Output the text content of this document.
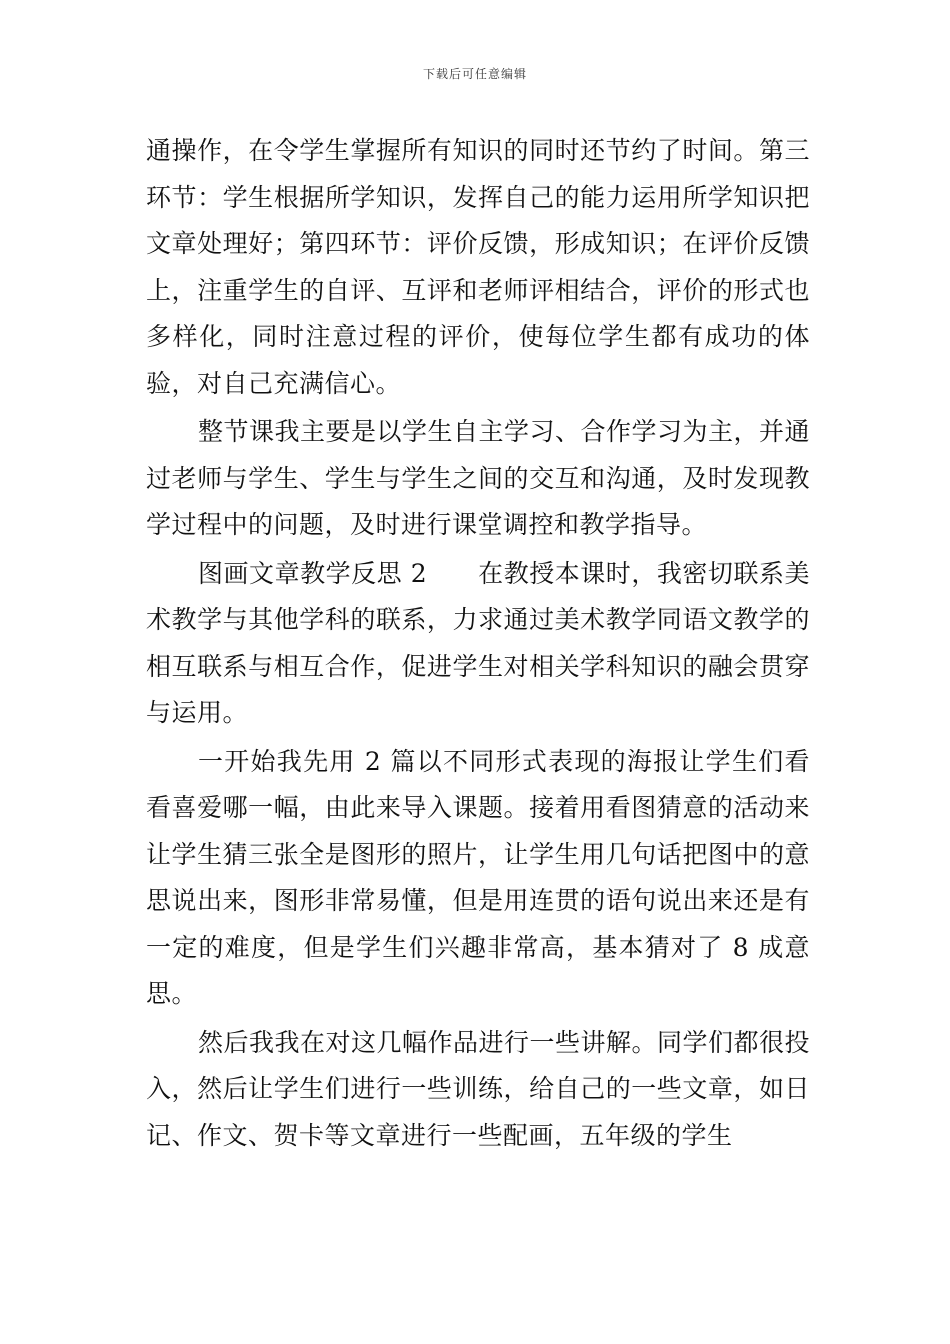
下载后可任意编辑

通操作，在令学生掌握所有知识的同时还节约了时间。第三环节：学生根据所学知识，发挥自己的能力运用所学知识把文章处理好；第四环节：评价反馈，形成知识；在评价反馈上，注重学生的自评、互评和老师评相结合，评价的形式也多样化，同时注意过程的评价，使每位学生都有成功的体验，对自己充满信心。

整节课我主要是以学生自主学习、合作学习为主，并通过老师与学生、学生与学生之间的交互和沟通，及时发现教学过程中的问题，及时进行课堂调控和教学指导。

图画文章教学反思 2　　在教授本课时，我密切联系美术教学与其他学科的联系，力求通过美术教学同语文教学的相互联系与相互合作，促进学生对相关学科知识的融会贯穿与运用。

一开始我先用 2 篇以不同形式表现的海报让学生们看看喜爱哪一幅，由此来导入课题。接着用看图猜意的活动来让学生猜三张全是图形的照片，让学生用几句话把图中的意思说出来，图形非常易懂，但是用连贯的语句说出来还是有一定的难度，但是学生们兴趣非常高，基本猜对了 8 成意思。

然后我我在对这几幅作品进行一些讲解。同学们都很投入，然后让学生们进行一些训练，给自己的一些文章，如日记、作文、贺卡等文章进行一些配画，五年级的学生
